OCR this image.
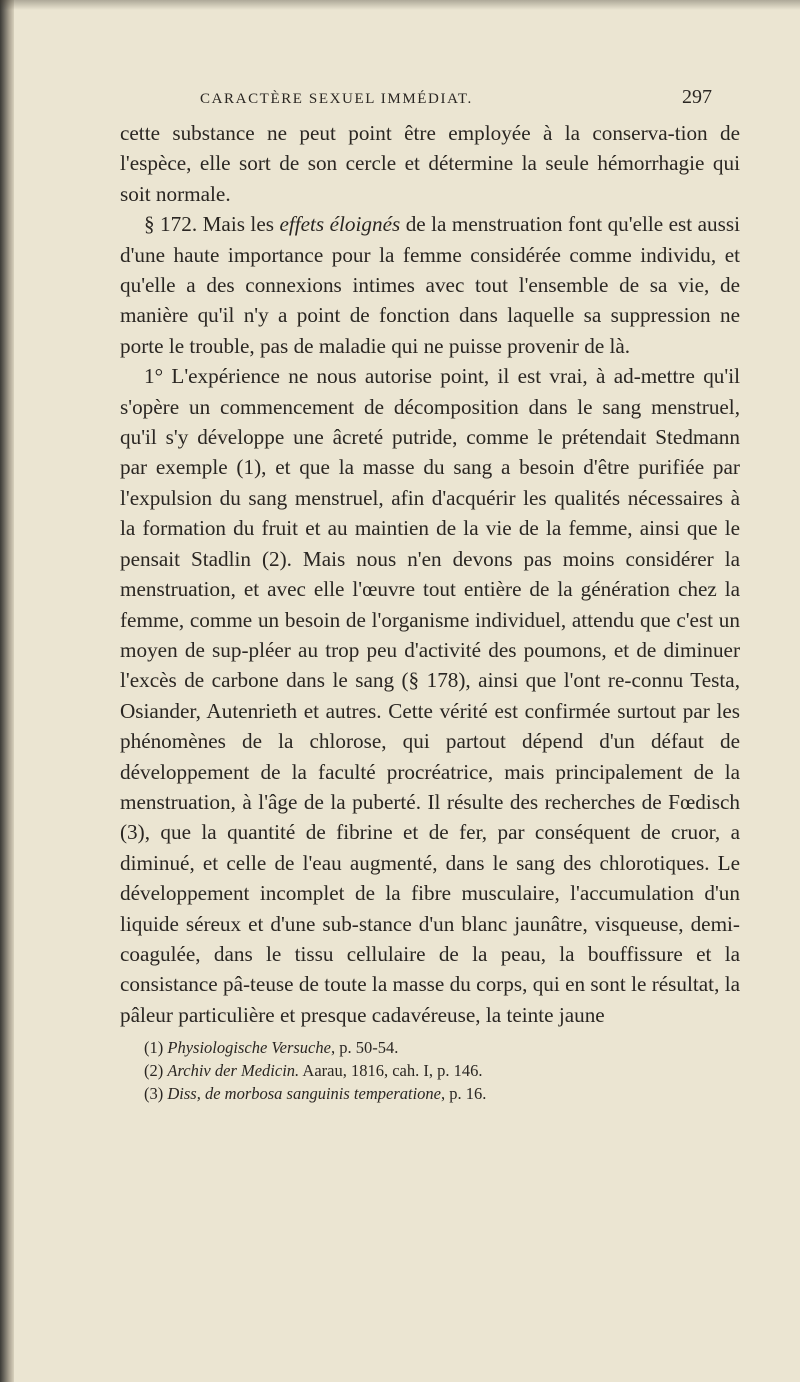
CARACTÈRE SEXUEL IMMÉDIAT.	297

cette substance ne peut point être employée à la conserva-tion de l'espèce, elle sort de son cercle et détermine la seule hémorrhagie qui soit normale.

§ 172. Mais les effets éloignés de la menstruation font qu'elle est aussi d'une haute importance pour la femme considérée comme individu, et qu'elle a des connexions intimes avec tout l'ensemble de sa vie, de manière qu'il n'y a point de fonction dans laquelle sa suppression ne porte le trouble, pas de maladie qui ne puisse provenir de là.

1° L'expérience ne nous autorise point, il est vrai, à ad-mettre qu'il s'opère un commencement de décomposition dans le sang menstruel, qu'il s'y développe une âcreté putride, comme le prétendait Stedmann par exemple (1), et que la masse du sang a besoin d'être purifiée par l'expulsion du sang menstruel, afin d'acquérir les qualités nécessaires à la formation du fruit et au maintien de la vie de la femme, ainsi que le pensait Stadlin (2). Mais nous n'en devons pas moins considérer la menstruation, et avec elle l'œuvre tout entière de la génération chez la femme, comme un besoin de l'organisme individuel, attendu que c'est un moyen de sup-pléer au trop peu d'activité des poumons, et de diminuer l'excès de carbone dans le sang (§ 178), ainsi que l'ont re-connu Testa, Osiander, Autenrieth et autres. Cette vérité est confirmée surtout par les phénomènes de la chlorose, qui partout dépend d'un défaut de développement de la faculté procréatrice, mais principalement de la menstruation, à l'âge de la puberté. Il résulte des recherches de Fœdisch (3), que la quantité de fibrine et de fer, par conséquent de cruor, a diminué, et celle de l'eau augmenté, dans le sang des chlorotiques. Le développement incomplet de la fibre musculaire, l'accumulation d'un liquide séreux et d'une sub-stance d'un blanc jaunâtre, visqueuse, demi-coagulée, dans le tissu cellulaire de la peau, la bouffissure et la consistance pâ-teuse de toute la masse du corps, qui en sont le résultat, la pâleur particulière et presque cadavéreuse, la teinte jaune

(1) Physiologische Versuche, p. 50-54.
(2) Archiv der Medicin. Aarau, 1816, cah. I, p. 146.
(3) Diss, de morbosa sanguinis temperatione, p. 16.
